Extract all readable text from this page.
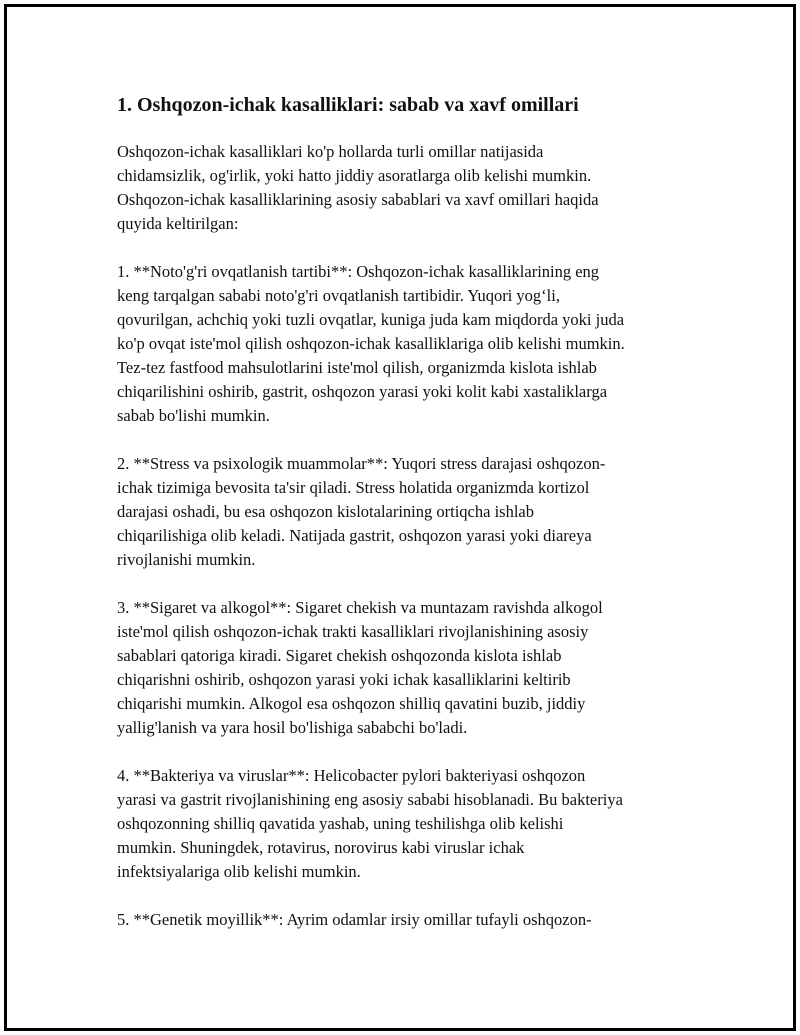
1. Oshqozon-ichak kasalliklari: sabab va xavf omillari
Oshqozon-ichak kasalliklari ko'p hollarda turli omillar natijasida
chidamsizlik, og'irlik, yoki hatto jiddiy asoratlarga olib kelishi mumkin.
Oshqozon-ichak kasalliklarining asosiy sabablari va xavf omillari haqida
quyida keltirilgan:
1. **Noto'g'ri ovqatlanish tartibi**: Oshqozon-ichak kasalliklarining eng
keng tarqalgan sababi noto'g'ri ovqatlanish tartibidir. Yuqori yog‘li,
qovurilgan, achchiq yoki tuzli ovqatlar, kuniga juda kam miqdorda yoki juda
ko'p ovqat iste'mol qilish oshqozon-ichak kasalliklariga olib kelishi mumkin.
Tez-tez fastfood mahsulotlarini iste'mol qilish, organizmda kislota ishlab
chiqarilishini oshirib, gastrit, oshqozon yarasi yoki kolit kabi xastaliklarga
sabab bo'lishi mumkin.
2. **Stress va psixologik muammolar**: Yuqori stress darajasi oshqozon-
ichak tizimiga bevosita ta'sir qiladi. Stress holatida organizmda kortizol
darajasi oshadi, bu esa oshqozon kislotalarining ortiqcha ishlab
chiqarilishiga olib keladi. Natijada gastrit, oshqozon yarasi yoki diareya
rivojlanishi mumkin.
3. **Sigaret va alkogol**: Sigaret chekish va muntazam ravishda alkogol
iste'mol qilish oshqozon-ichak trakti kasalliklari rivojlanishining asosiy
sabablari qatoriga kiradi. Sigaret chekish oshqozonda kislota ishlab
chiqarishni oshirib, oshqozon yarasi yoki ichak kasalliklarini keltirib
chiqarishi mumkin. Alkogol esa oshqozon shilliq qavatini buzib, jiddiy
yallig'lanish va yara hosil bo'lishiga sababchi bo'ladi.
4. **Bakteriya va viruslar**: Helicobacter pylori bakteriyasi oshqozon
yarasi va gastrit rivojlanishining eng asosiy sababi hisoblanadi. Bu bakteriya
oshqozonning shilliq qavatida yashab, uning teshilishga olib kelishi
mumkin. Shuningdek, rotavirus, norovirus kabi viruslar ichak
infektsiyalariga olib kelishi mumkin.
5. **Genetik moyillik**: Ayrim odamlar irsiy omillar tufayli oshqozon-
